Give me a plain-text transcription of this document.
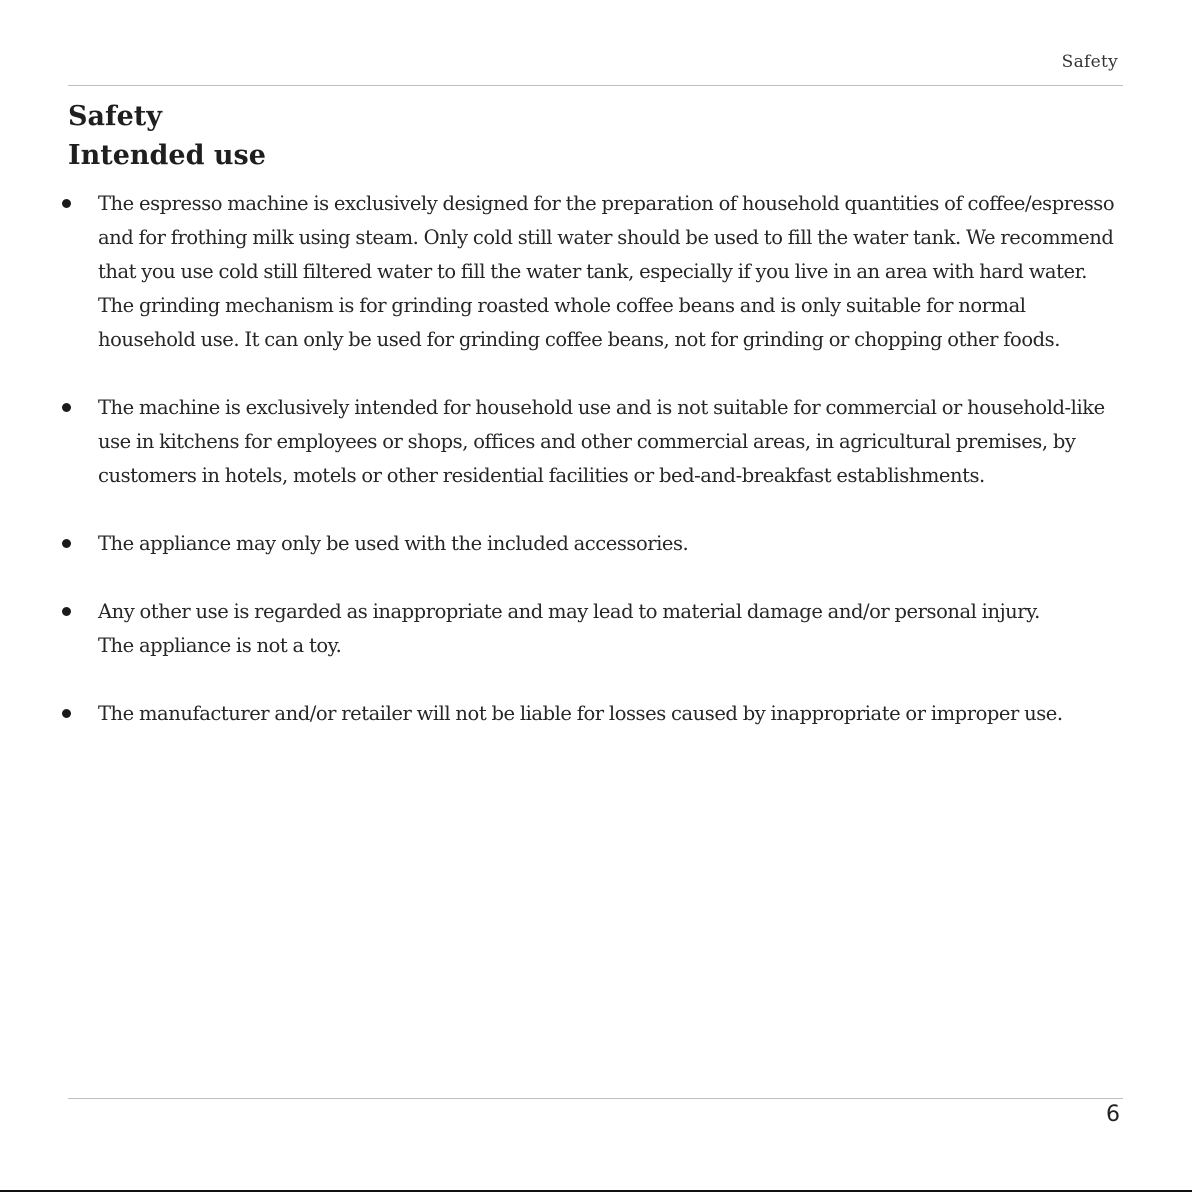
Safety
Safety
Intended use

The espresso machine is exclusively designed for the preparation of household quantities of coffee/espresso and for frothing milk using steam. Only cold still water should be used to fill the water tank. We recommend that you use cold still filtered water to fill the water tank, especially if you live in an area with hard water.

The grinding mechanism is for grinding roasted whole coffee beans and is only suitable for normal household use. It can only be used for grinding coffee beans, not for grinding or chopping other foods.

The machine is exclusively intended for household use and is not suitable for commercial or household-like use in kitchens for employees or shops, offices and other commercial areas, in agricultural premises, by customers in hotels, motels or other residential facilities or bed-and-breakfast establishments.

The appliance may only be used with the included accessories.

Any other use is regarded as inappropriate and may lead to material damage and/or personal injury.

The appliance is not a toy.

The manufacturer and/or retailer will not be liable for losses caused by inappropriate or improper use.

6
